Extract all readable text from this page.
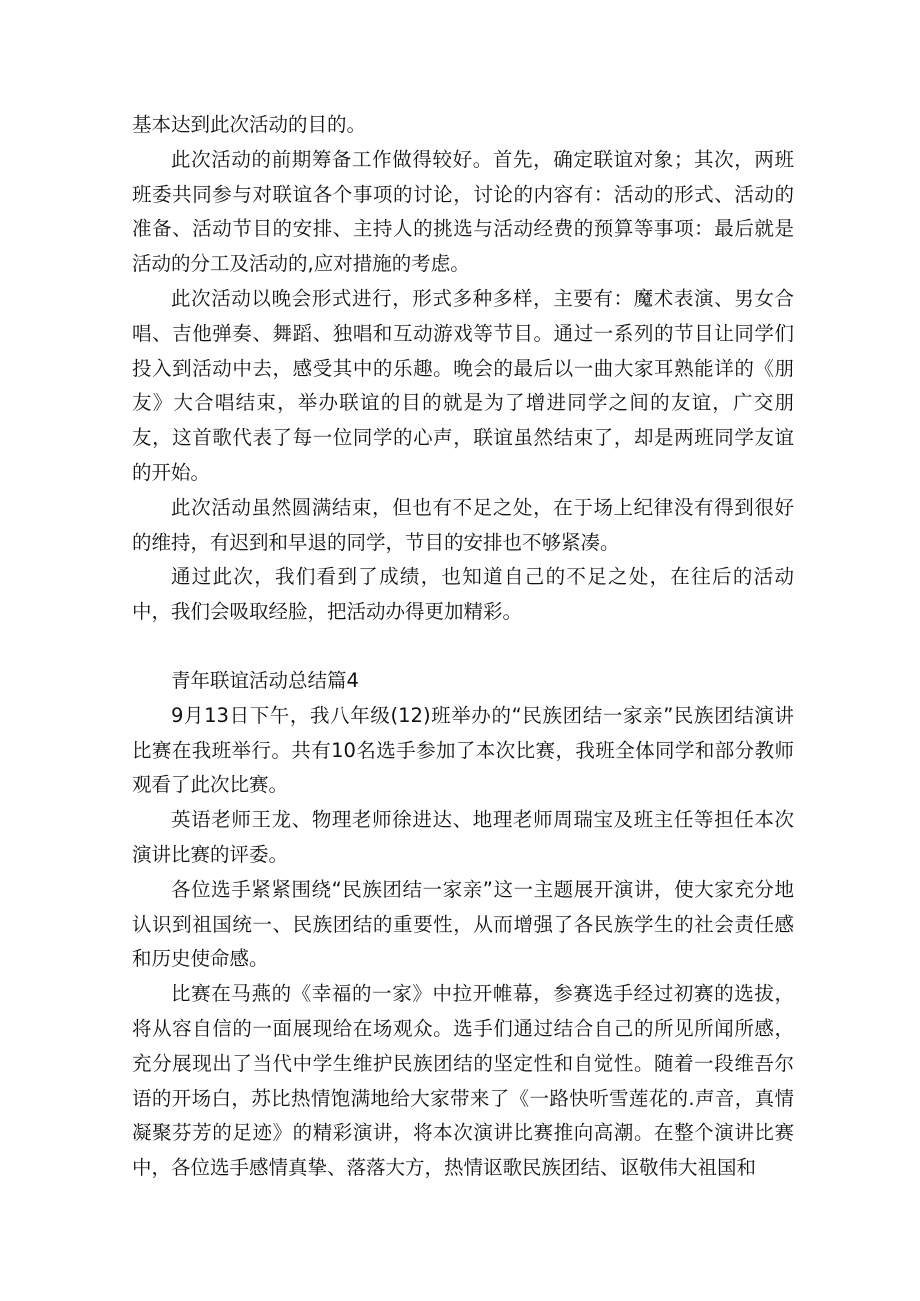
基本达到此次活动的目的。

此次活动的前期筹备工作做得较好。首先，确定联谊对象；其次，两班班委共同参与对联谊各个事项的讨论，讨论的内容有：活动的形式、活动的准备、活动节目的安排、主持人的挑选与活动经费的预算等事项：最后就是活动的分工及活动的,应对措施的考虑。

此次活动以晚会形式进行，形式多种多样，主要有：魔术表演、男女合唱、吉他弹奏、舞蹈、独唱和互动游戏等节目。通过一系列的节目让同学们投入到活动中去，感受其中的乐趣。晚会的最后以一曲大家耳熟能详的《朋友》大合唱结束，举办联谊的目的就是为了增进同学之间的友谊，广交朋友，这首歌代表了每一位同学的心声，联谊虽然结束了，却是两班同学友谊的开始。

此次活动虽然圆满结束，但也有不足之处，在于场上纪律没有得到很好的维持，有迟到和早退的同学，节目的安排也不够紧凑。

通过此次，我们看到了成绩，也知道自己的不足之处，在往后的活动中，我们会吸取经脸，把活动办得更加精彩。

青年联谊活动总结篇4

9月13日下午，我八年级(12)班举办的“民族团结一家亲”民族团结演讲比赛在我班举行。共有10名选手参加了本次比赛，我班全体同学和部分教师观看了此次比赛。

英语老师王龙、物理老师徐进达、地理老师周瑞宝及班主任等担任本次演讲比赛的评委。

各位选手紧紧围绕“民族团结一家亲”这一主题展开演讲，使大家充分地认识到祖国统一、民族团结的重要性，从而增强了各民族学生的社会责任感和历史使命感。

比赛在马燕的《幸福的一家》中拉开帷幕，参赛选手经过初赛的选拔，将从容自信的一面展现给在场观众。选手们通过结合自己的所见所闻所感，充分展现出了当代中学生维护民族团结的坚定性和自觉性。随着一段维吾尔语的开场白，苏比热情饱满地给大家带来了《一路快听雪莲花的.声音，真情凝聚芬芳的足迹》的精彩演讲，将本次演讲比赛推向高潮。在整个演讲比赛中，各位选手感情真挚、落落大方，热情讴歌民族团结、讴敬伟大祖国和
